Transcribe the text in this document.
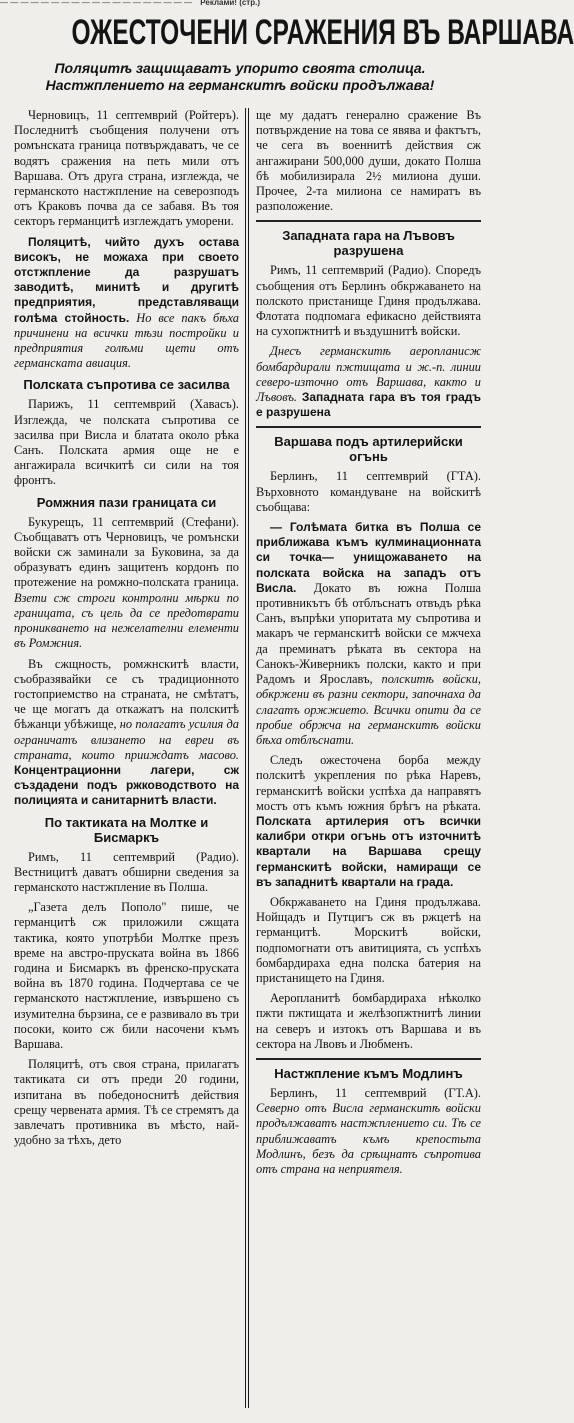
— — — — — — — — — — — — — — — — — — — Реклами! (стр.)
ОЖЕСТОЧЕНИ СРАЖЕНИЯ ВЪ ВАРШАВА
Поляцитѣ защищаватъ упорито своята столица. Настжплението на германскитѣ войски продължава!

Черновицъ, 11 септемврий (Ройтеръ). Последнитѣ съобщения получени отъ ромънската граница потвърждаватъ, че се водятъ сражения на петь мили отъ Варшава. Отъ друга страна, изглежда, че германското настжпление на северозподъ отъ Краковъ почва да се забавя. Въ тоя секторъ германцитѣ изглеждатъ уморени.

Поляцитѣ, чийто духъ остава високъ, не можаха при своето отстжпление да разрушатъ заводитѣ, минитѣ и другитѣ предприятия, представляващи голѣма стойность. Но все пакъ бѣха причинени на всички тѣзи постройки и предприятия голѣми щети отъ германската авиация.

Полската съпротива се засилва

Парижъ, 11 септемврий (Хавасъ). Изглежда, че полската съпротива се засилва при Висла и блатата около рѣка Санъ. Полската армия още не е ангажирала всичкитѣ си сили на тоя фронтъ.

Ромжния пази границата си

Букурещъ, 11 септемврий (Стефани). Съобщаватъ отъ Черновицъ, че ромънски войски сж заминали за Буковина, за да образуватъ единъ защитенъ кордонъ по протежение на ромжно-полската граница. Взети сж строги контролни мѣрки по границата, съ цель да се предотврати проникването на нежелателни елементи въ Ромжния.

Въ сжщность, ромжнскитѣ власти, съобразявайки се съ традиционното гостоприемство на страната, не смѣтатъ, че ще могатъ да откажатъ на полскитѣ бѣжанци убѣжище, но полагатъ усилия да ограничатъ влизането на евреи въ страната, които прииждатъ масово. Концентрационни лагери, сж създадени подъ ржководството на полицията и санитарнитѣ власти.

По тактиката на Молтке и Бисмаркъ

Римъ, 11 септемврий (Радио). Вестницитѣ даватъ обширни сведения за германското настжпление въ Полша.

„Газета делъ Пополо" пише, че германцитѣ сж приложили сжщата тактика, която употрѣби Молтке презъ време на австро-пруската война въ 1866 година и Бисмаркъ въ френско-пруската война въ 1870 година. Подчертава се че германското настжпление, извършено съ изумителна бързина, се е развивало въ три посоки, които сж били насочени къмъ Варшава.

Поляцитѣ, отъ своя страна, прилагатъ тактиката си отъ преди 20 години, изпитана въ победоноснитѣ действия срещу червената армия. Тѣ се стремятъ да завлечатъ противника въ мѣсто, най-удобно за тѣхъ, дето

ще му дадатъ генерално сражение Въ потвърждение на това се явява и фактътъ, че сега въ военнитѣ действия сж ангажирани 500,000 души, докато Полша бѣ мобилизирала 2½ милиона души. Прочее, 2-та милиона се намиратъ въ разположение.

Западната гара на Лъвовъ разрушена

Римъ, 11 септемврий (Радио). Споредъ съобщения отъ Берлинъ обкржаването на полското пристанище Гдиня продължава. Флотата подпомага ефикасно действията на сухопжтнитѣ и въздушнитѣ войски.

Днесъ германскитѣ аеропланисж бомбардирали пжтищата и ж.-п. линии северо-източно отъ Варшава, както и Лъвовъ. Западната гара въ тоя градъ е разрушена

Варшава подъ артилерийски огънь

Берлинъ, 11 септемврий (ГТА). Върховното командуване на войскитѣ съобщава:

— Голѣмата битка въ Полша се приближава къмъ кулминационната си точка— унищожаването на полската войска на западъ отъ Висла. Докато въ южна Полша противникътъ бѣ отблъснатъ отвъдъ рѣка Санъ, въпрѣки упоритата му съпротива и макаръ че германскитѣ войски се мжчеха да преминатъ рѣката въ сектора на Санокъ-Живерникъ полски, както и при Радомъ и Ярославъ, полскитѣ войски, обкржени въ разни сектори, започнаха да слагатъ оржжието. Всички опити да се пробие обржча на германскитѣ войски бѣха отблъснати.

Следъ ожесточена борба между полскитѣ укрепления по рѣка Наревъ, германскитѣ войски успѣха да направятъ мостъ отъ къмъ южния брѣгъ на рѣката. Полската артилерия отъ всички калибри откри огънь отъ източнитѣ квартали на Варшава срещу германскитѣ войски, намиращи се въ западнитѣ квартали на града.

Обкржаването на Гдиня продължава. Нойщадъ и Путцигъ сж въ ржцетѣ на германцитѣ. Морскитѣ войски, подпомогнати отъ авитицията, съ успѣхъ бомбардираха една полска батерия на пристанището на Гдиня.

Аеропланитѣ бомбардираха нѣколко пжти пжтищата и желѣзопжтнитѣ линии на северъ и изтокъ отъ Варшава и въ сектора на Лвовъ и Любменъ.

Настжпление къмъ Модлинъ

Берлинъ, 11 септемврий (ГТ.А). Северно отъ Висла германскитѣ войски продължаватъ настжплението си. Тѣ се приближаватъ къмъ крепостьта Модлинъ, безъ да срѣщнатъ съпротива отъ страна на неприятеля.
